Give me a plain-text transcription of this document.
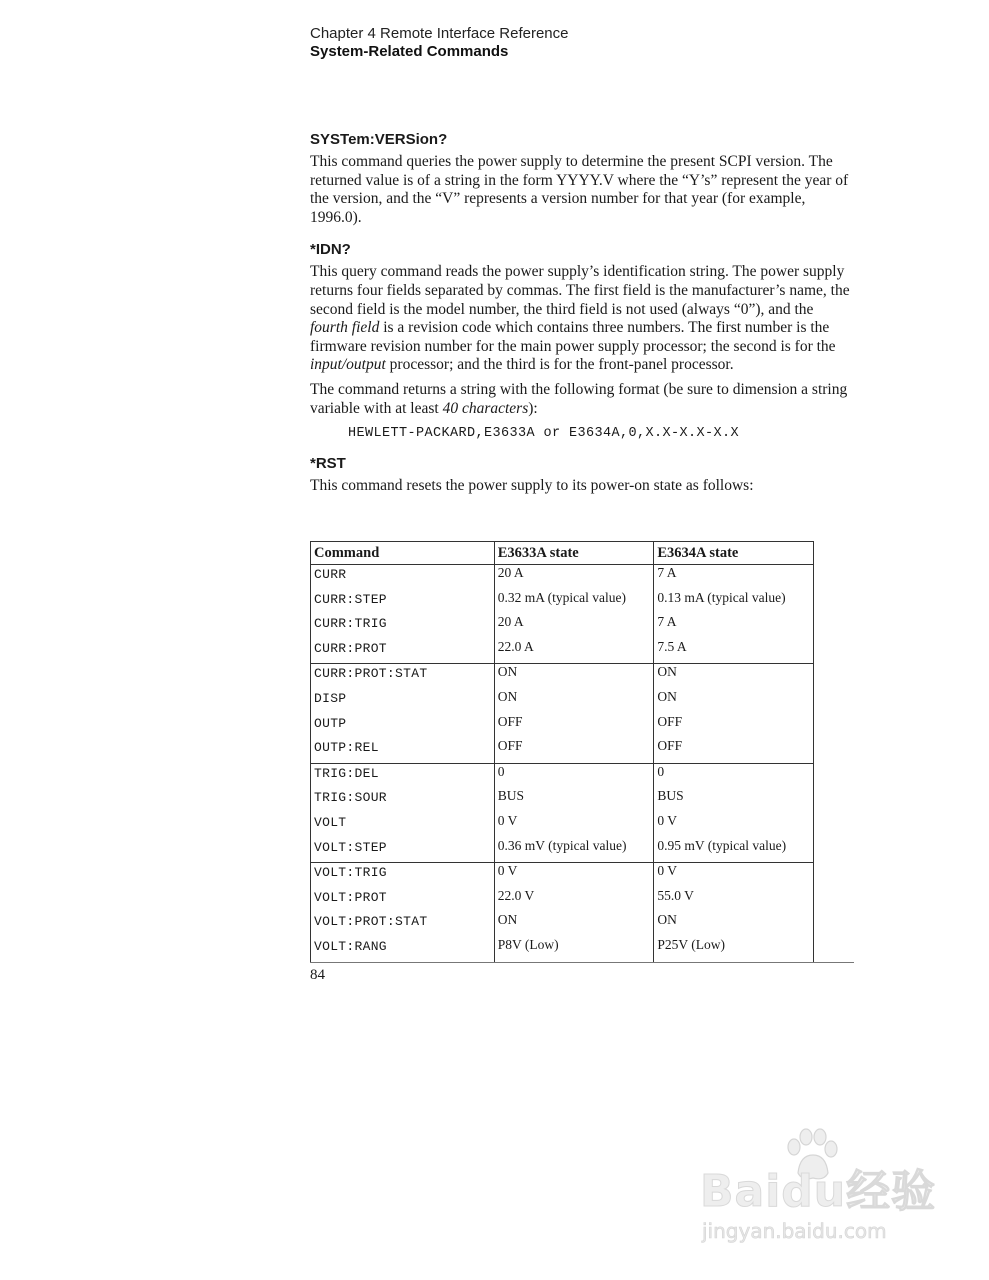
Chapter 4 Remote Interface Reference
System-Related Commands
SYSTem:VERSion?

This command queries the power supply to determine the present SCPI version. The returned value is of a string in the form YYYY.V where the “Y’s” represent the year of the version, and the “V” represents a version number for that year (for example, 1996.0).

*IDN?

This query command reads the power supply’s identification string. The power supply returns four fields separated by commas. The first field is the manufacturer’s name, the second field is the model number, the third field is not used (always “0”), and the fourth field is a revision code which contains three numbers. The first number is the firmware revision number for the main power supply processor; the second is for the input/output processor; and the third is for the front-panel processor.

The command returns a string with the following format (be sure to dimension a string variable with at least 40 characters):

HEWLETT-PACKARD,E3633A or E3634A,0,X.X-X.X-X.X
*RST

This command resets the power supply to its power-on state as follows:

Command	E3633A state	E3634A state
CURR	20 A	7 A
CURR:STEP	0.32 mA (typical value)	0.13 mA (typical value)
CURR:TRIG	20 A	7 A
CURR:PROT	22.0 A	7.5 A
CURR:PROT:STAT	ON	ON
DISP	ON	ON
OUTP	OFF	OFF
OUTP:REL	OFF	OFF
TRIG:DEL	0	0
TRIG:SOUR	BUS	BUS
VOLT	0 V	0 V
VOLT:STEP	0.36 mV (typical value)	0.95 mV (typical value)
VOLT:TRIG	0 V	0 V
VOLT:PROT	22.0 V	55.0 V
VOLT:PROT:STAT	ON	ON
VOLT:RANG	P8V (Low)	P25V (Low)
84
Baidu经验
jingyan.baidu.com
